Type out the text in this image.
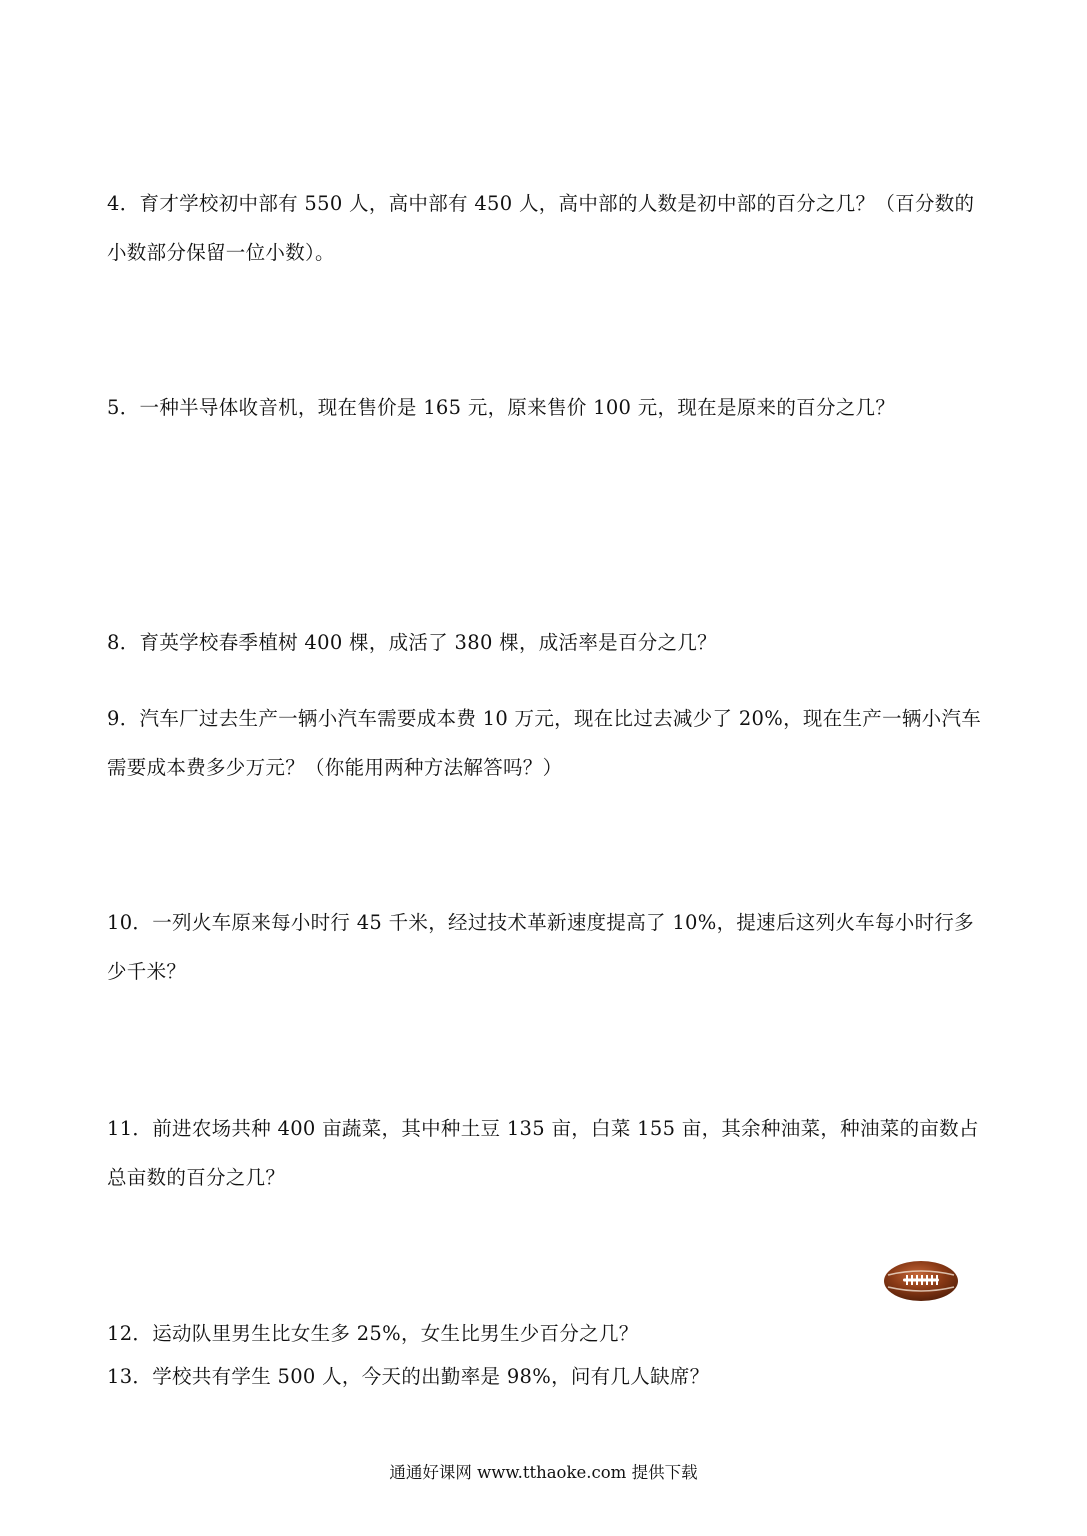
4．育才学校初中部有 550 人，高中部有 450 人，高中部的人数是初中部的百分之几？（百分数的小数部分保留一位小数）。
5．一种半导体收音机，现在售价是 165 元，原来售价 100 元，现在是原来的百分之几？
8．育英学校春季植树 400 棵，成活了 380 棵，成活率是百分之几？
9．汽车厂过去生产一辆小汽车需要成本费 10 万元，现在比过去减少了 20%，现在生产一辆小汽车需要成本费多少万元？（你能用两种方法解答吗？）
10．一列火车原来每小时行 45 千米，经过技术革新速度提高了 10%，提速后这列火车每小时行多少千米？
11．前进农场共种 400 亩蔬菜，其中种土豆 135 亩，白菜 155 亩，其余种油菜，种油菜的亩数占总亩数的百分之几？
12．运动队里男生比女生多 25%，女生比男生少百分之几？
13．学校共有学生 500 人，今天的出勤率是 98%，问有几人缺席？
通通好课网 www.tthaoke.com 提供下载
